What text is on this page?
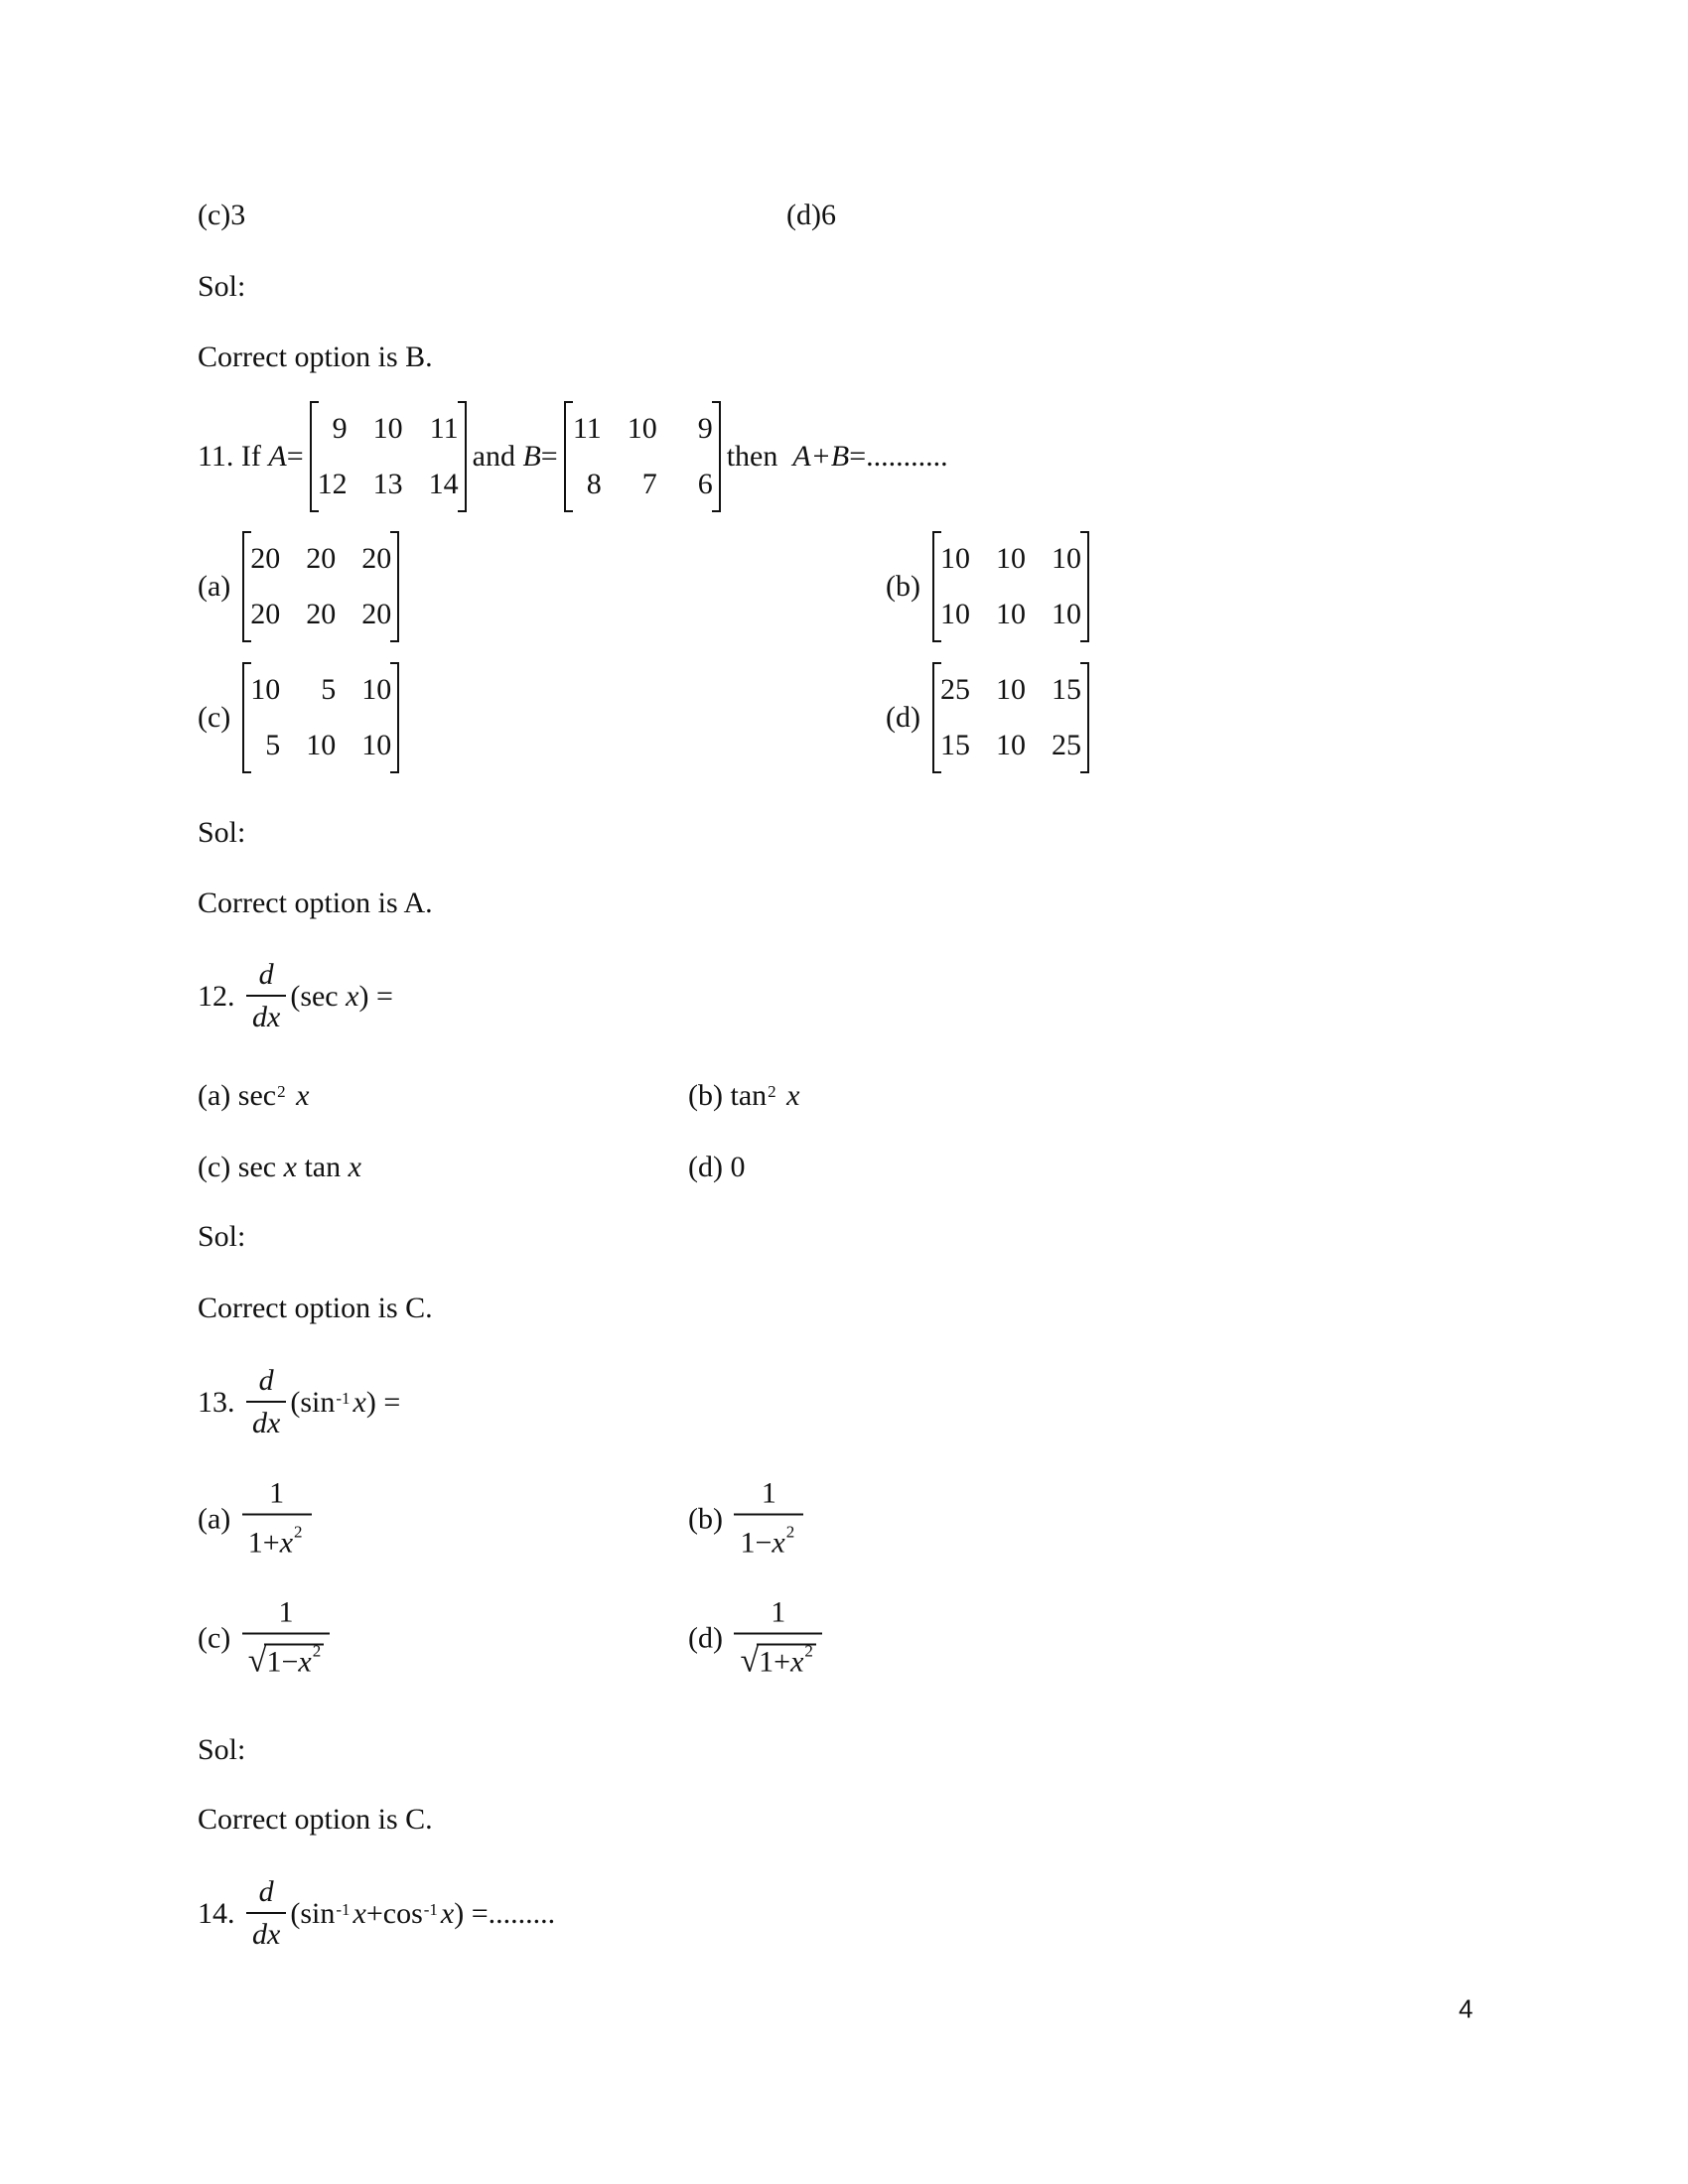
(c)3	(d)6
Sol:
Correct option is B.
11. If
A =
9 10 11
12 13 14
and
B =
11 10	9
8	7	6
then
A+B =...........
(a)
20 20 20
20 20 20
(b)
10 10 10
10 10 10
(c)
10	5 10
5 10 10
(d)
25 10 15
15 10 25
Sol:
Correct option is A.
12.
$\frac{d}{dx} (\sec$
x ) =
(a)
$\sec^2$
x	(b)
$\tan^2$
x
(c)
sec
x
tan
x	(d)
0
Sol:
Correct option is C.
13.
$\frac{d}{dx} (\sin^{-1}$ x ) =
(a)
$\frac{1}{1+x^2}$	(b)
$\frac{1}{1-x^2}$
(c)
$\frac{1}{√1-x^2}$	(d)
$\frac{1}{√1+x^2}$
Sol:
Correct option is C.
14.
$\frac{d}{dx} (\sin^{-1}$ $x +\cos^{-1}$ x ) = .........
4
